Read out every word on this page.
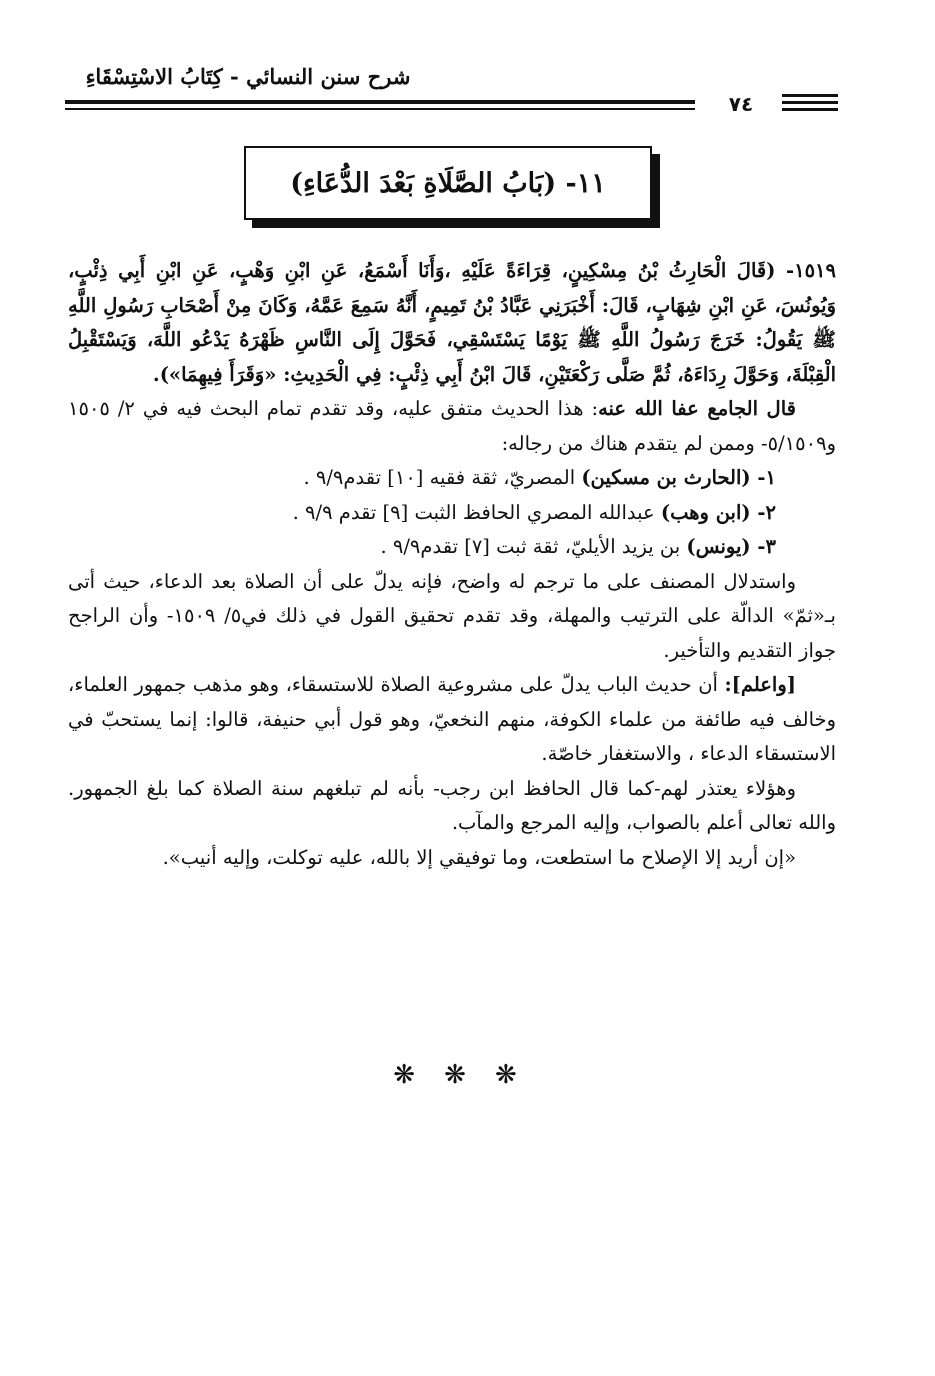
شرح سنن النسائي - كِتَابُ الاسْتِسْقَاءِ
٧٤
١١- (بَابُ الصَّلَاةِ بَعْدَ الدُّعَاءِ)

١٥١٩- (قَالَ الْحَارِثُ بْنُ مِسْكِينٍ، قِرَاءَةً عَلَيْهِ ،وَأَنَا أَسْمَعُ، عَنِ ابْنِ وَهْبٍ، عَنِ ابْنِ أَبِي ذِئْبٍ، وَيُونُسَ، عَنِ ابْنِ شِهَابٍ، قَالَ: أَخْبَرَنِي عَبَّادُ بْنُ تَمِيمٍ، أَنَّهُ سَمِعَ عَمَّهُ، وَكَانَ مِنْ أَصْحَابِ رَسُولِ اللَّهِ ﷺ يَقُولُ: خَرَجَ رَسُولُ اللَّهِ ﷺ يَوْمًا يَسْتَسْقِي، فَحَوَّلَ إِلَى النَّاسِ ظَهْرَهُ يَدْعُو اللَّهَ، وَيَسْتَقْبِلُ الْقِبْلَةَ، وَحَوَّلَ رِدَاءَهُ، ثُمَّ صَلَّى رَكْعَتَيْنِ، قَالَ ابْنُ أَبِي ذِئْبٍ: فِي الْحَدِيثِ: «وَقَرَأَ فِيهِمَا»).

قال الجامع عفا الله عنه: هذا الحديث متفق عليه، وقد تقدم تمام البحث فيه في ٢/ ١٥٠٥ و٥/١٥٠٩- وممن لم يتقدم هناك من رجاله:

١- (الحارث بن مسكين) المصريّ، ثقة فقيه [١٠] تقدم٩/٩ .

٢- (ابن وهب) عبدالله المصري الحافظ الثبت [٩] تقدم ٩/٩ .

٣- (يونس) بن يزيد الأيليّ، ثقة ثبت [٧] تقدم٩/٩ .

واستدلال المصنف على ما ترجم له واضح، فإنه يدلّ على أن الصلاة بعد الدعاء، حيث أتى بـ«ثمّ» الدالّة على الترتيب والمهلة، وقد تقدم تحقيق القول في ذلك في٥/ ١٥٠٩- وأن الراجح جواز التقديم والتأخير.

[واعلم]: أن حديث الباب يدلّ على مشروعية الصلاة للاستسقاء، وهو مذهب جمهور العلماء، وخالف فيه طائفة من علماء الكوفة، منهم النخعيّ، وهو قول أبي حنيفة، قالوا: إنما يستحبّ في الاستسقاء الدعاء ، والاستغفار خاصّة.

وهؤلاء يعتذر لهم-كما قال الحافظ ابن رجب- بأنه لم تبلغهم سنة الصلاة كما بلغ الجمهور. والله تعالى أعلم بالصواب، وإليه المرجع والمآب.

«إن أريد إلا الإصلاح ما استطعت، وما توفيقي إلا بالله، عليه توكلت، وإليه أنيب».

❋ ❋ ❋
